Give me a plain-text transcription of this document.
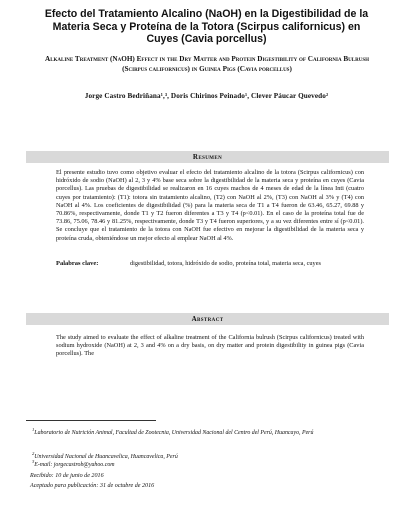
Efecto del Tratamiento Alcalino (NaOH) en la Digestibilidad de la Materia Seca y Proteína de la Totora (Scirpus californicus) en Cuyes (Cavia porcellus)
Alkaline Treatment (NaOH) Effect in the Dry Matter and Protein Digestibility of California Bulrush (Scirpus californicus) in Guinea Pigs (Cavia porcellus)
Jorge Castro Bedriñana¹,³, Doris Chirinos Peinado¹, Clever Páucar Quevedo²
Resumen
El presente estudio tuvo como objetivo evaluar el efecto del tratamiento alcalino de la totora (Scirpus californicus) con hidróxido de sodio (NaOH) al 2, 3 y 4% base seca sobre la digestibilidad de la materia seca y proteína en cuyes (Cavia porcellus). Las pruebas de digestibilidad se realizaron en 16 cuyes machos de 4 meses de edad de la línea Inti (cuatro cuyes por tratamiento): (T1): totora sin tratamiento alcalino, (T2) con NaOH al 2%, (T3) con NaOH al 3% y (T4) con NaOH al 4%. Los coeficientes de digestibilidad (%) para la materia seca de T1 a T4 fueron de 63.46, 65.27, 69.88 y 70.86%, respectivamente, donde T1 y T2 fueron diferentes a T3 y T4 (p<0.01). En el caso de la proteína total fue de 73.86, 75.06, 78.46 y 81.25%, respectivamente, donde T3 y T4 fueron superiores, y a su vez diferentes entre sí (p<0.01). Se concluye que el tratamiento de la totora con NaOH fue efectivo en mejorar la digestibilidad de la materia seca y proteína cruda, obteniéndose un mejor efecto al emplear NaOH al 4%.
Palabras clave:	digestibilidad, totora, hidróxido de sodio, proteína total, materia seca, cuyes
Abstract
The study aimed to evaluate the effect of alkaline treatment of the California bulrush (Scirpus californicus) treated with sodium hydroxide (NaOH) at 2, 3 and 4% on a dry basis, on dry matter and protein digestibility in guinea pigs (Cavia porcellus). The
$^1$Laboratorio de Nutrición Animal, Facultad de Zootecnia, Universidad Nacional del Centro del Perú, Huancayo, Perú
$^2$Universidad Nacional de Huancavelica, Huancavelica, Perú
$^3$E-mail: jorgecastrob@yahoo.com
Recibido: 10 de junio de 2016
Aceptado para publicación: 31 de octubre de 2016
